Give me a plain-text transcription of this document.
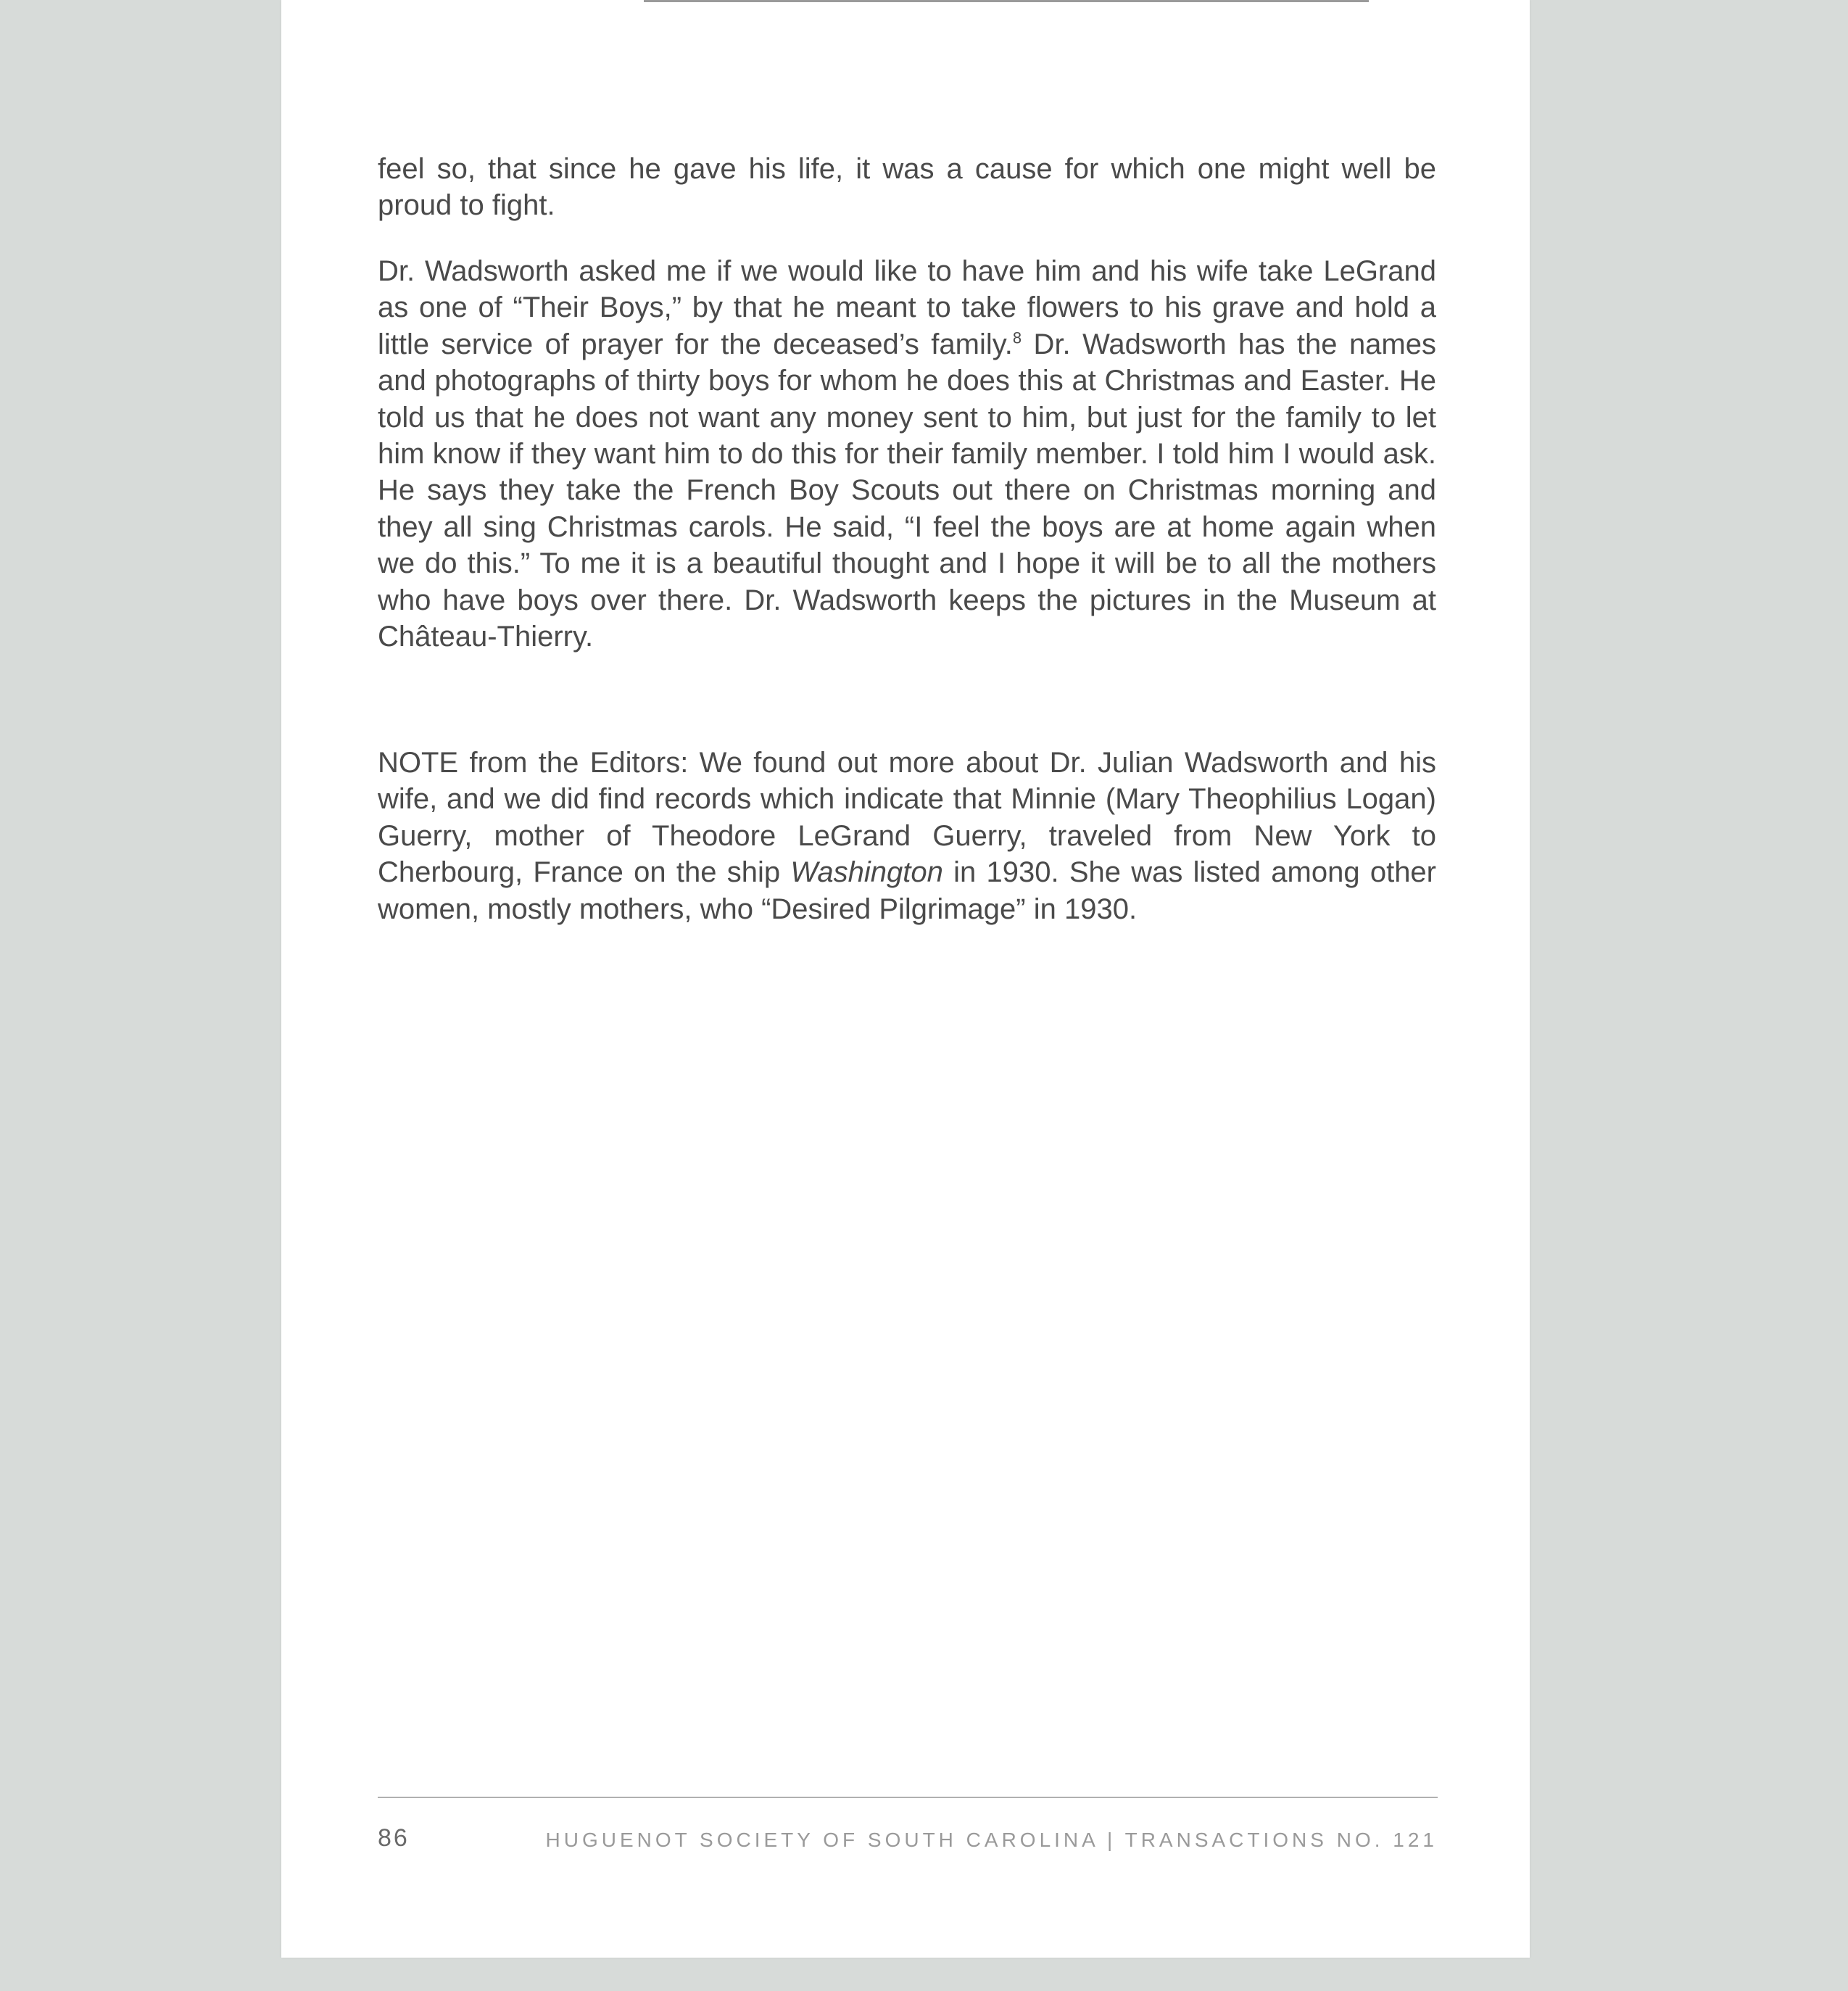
feel so, that since he gave his life, it was a cause for which one might well be proud to fight.

Dr. Wadsworth asked me if we would like to have him and his wife take LeGrand as one of “Their Boys,” by that he meant to take flowers to his grave and hold a little service of prayer for the deceased’s family.$^8$ Dr. Wadsworth has the names and photographs of thirty boys for whom he does this at Christmas and Easter. He told us that he does not want any money sent to him, but just for the family to let him know if they want him to do this for their family member. I told him I would ask. He says they take the French Boy Scouts out there on Christmas morning and they all sing Christmas carols. He said, “I feel the boys are at home again when we do this.” To me it is a beautiful thought and I hope it will be to all the mothers who have boys over there. Dr. Wadsworth keeps the pictures in the Museum at Château-Thierry.

NOTE from the Editors: We found out more about Dr. Julian Wadsworth and his wife, and we did find records which indicate that Minnie (Mary Theophilius Logan) Guerry, mother of Theodore LeGrand Guerry, traveled from New York to Cherbourg, France on the ship Washington in 1930. She was listed among other women, mostly mothers, who “Desired Pilgrimage” in 1930.

86	HUGUENOT SOCIETY OF SOUTH CAROLINA | TRANSACTIONS NO. 121
